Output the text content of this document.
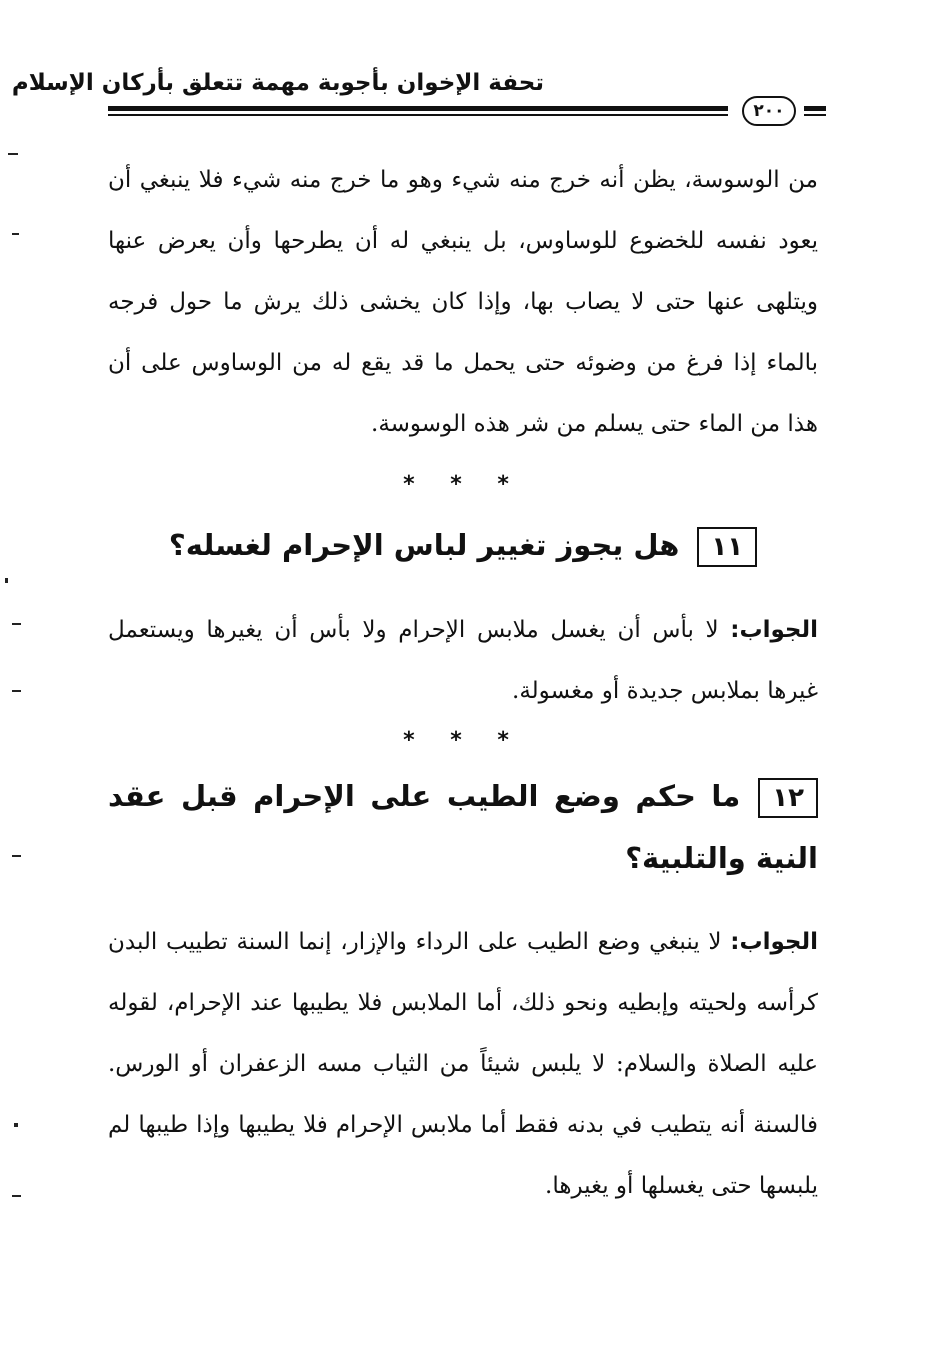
تحفة الإخوان بأجوبة مهمة تتعلق بأركان الإسلام
٢٠٠

من الوسوسة، يظن أنه خرج منه شيء وهو ما خرج منه شيء فلا ينبغي أن يعود نفسه للخضوع للوساوس، بل ينبغي له أن يطرحها وأن يعرض عنها ويتلهى عنها حتى لا يصاب بها، وإذا كان يخشى ذلك يرش ما حول فرجه بالماء إذا فرغ من وضوئه حتى يحمل ما قد يقع له من الوساوس على أن هذا من الماء حتى يسلم من شر هذه الوسوسة.

* * *
١١هل يجوز تغيير لباس الإحرام لغسله؟

الجواب: لا بأس أن يغسل ملابس الإحرام ولا بأس أن يغيرها ويستعمل غيرها بملابس جديدة أو مغسولة.

* * *
١٢ما حكم وضع الطيب على الإحرام قبل عقد النية والتلبية؟

الجواب: لا ينبغي وضع الطيب على الرداء والإزار، إنما السنة تطييب البدن كرأسه ولحيته وإبطيه ونحو ذلك، أما الملابس فلا يطيبها عند الإحرام، لقوله عليه الصلاة والسلام: لا يلبس شيئاً من الثياب مسه الزعفران أو الورس. فالسنة أنه يتطيب في بدنه فقط أما ملابس الإحرام فلا يطيبها وإذا طيبها لم يلبسها حتى يغسلها أو يغيرها.
